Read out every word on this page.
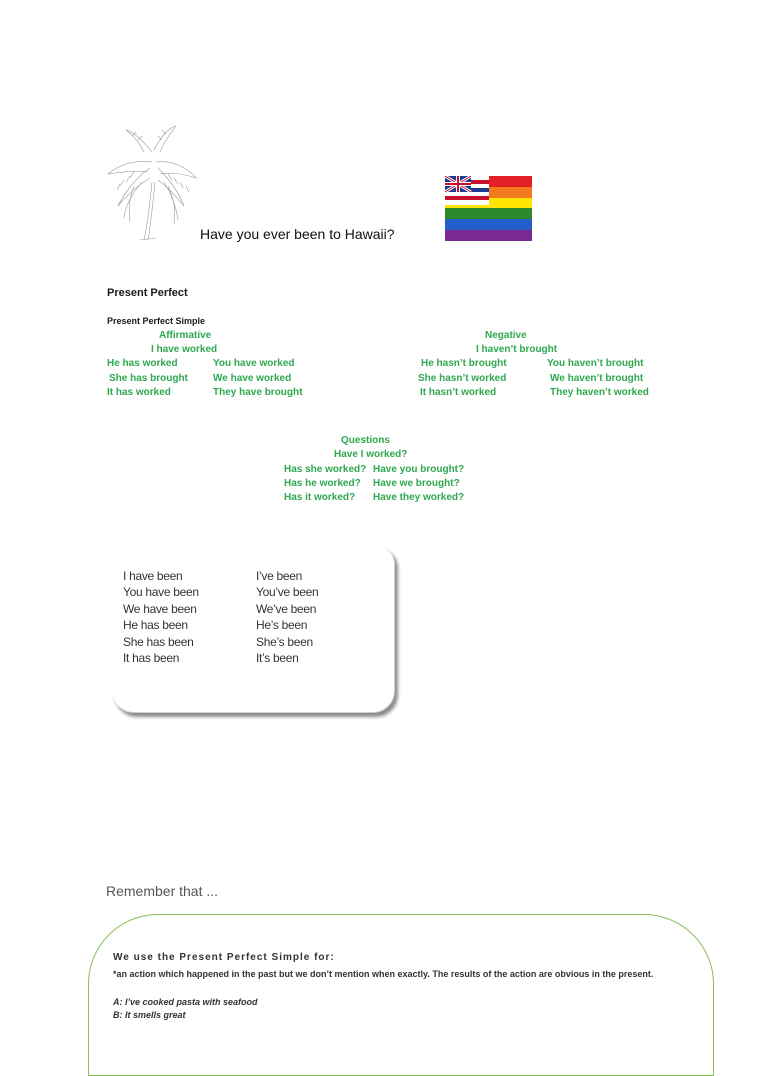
Have you ever been to Hawaii?
Present Perfect
Present Perfect Simple
Affirmative
I have worked
He has worked
She has brought
It has worked
You have worked
We have worked
They have brought
Negative
I haven’t brought
He hasn’t brought
She hasn’t worked
It hasn’t worked
You haven’t brought
We haven’t brought
They haven’t worked
Questions
Have I worked?
Has she worked?
Has he worked?
Has it worked?
Have you brought?
Have we brought?
Have they worked?
I have been
You have been
We have been
He has been
She has been
It has been
I’ve been
You’ve been
We’ve been
He’s been
She’s been
It’s been
Remember that ...
We use the Present Perfect Simple for:
*an action which happened in the past but we don’t mention when exactly. The results of the action are obvious in the present.
A: I’ve cooked pasta with seafood
B: It smells great
